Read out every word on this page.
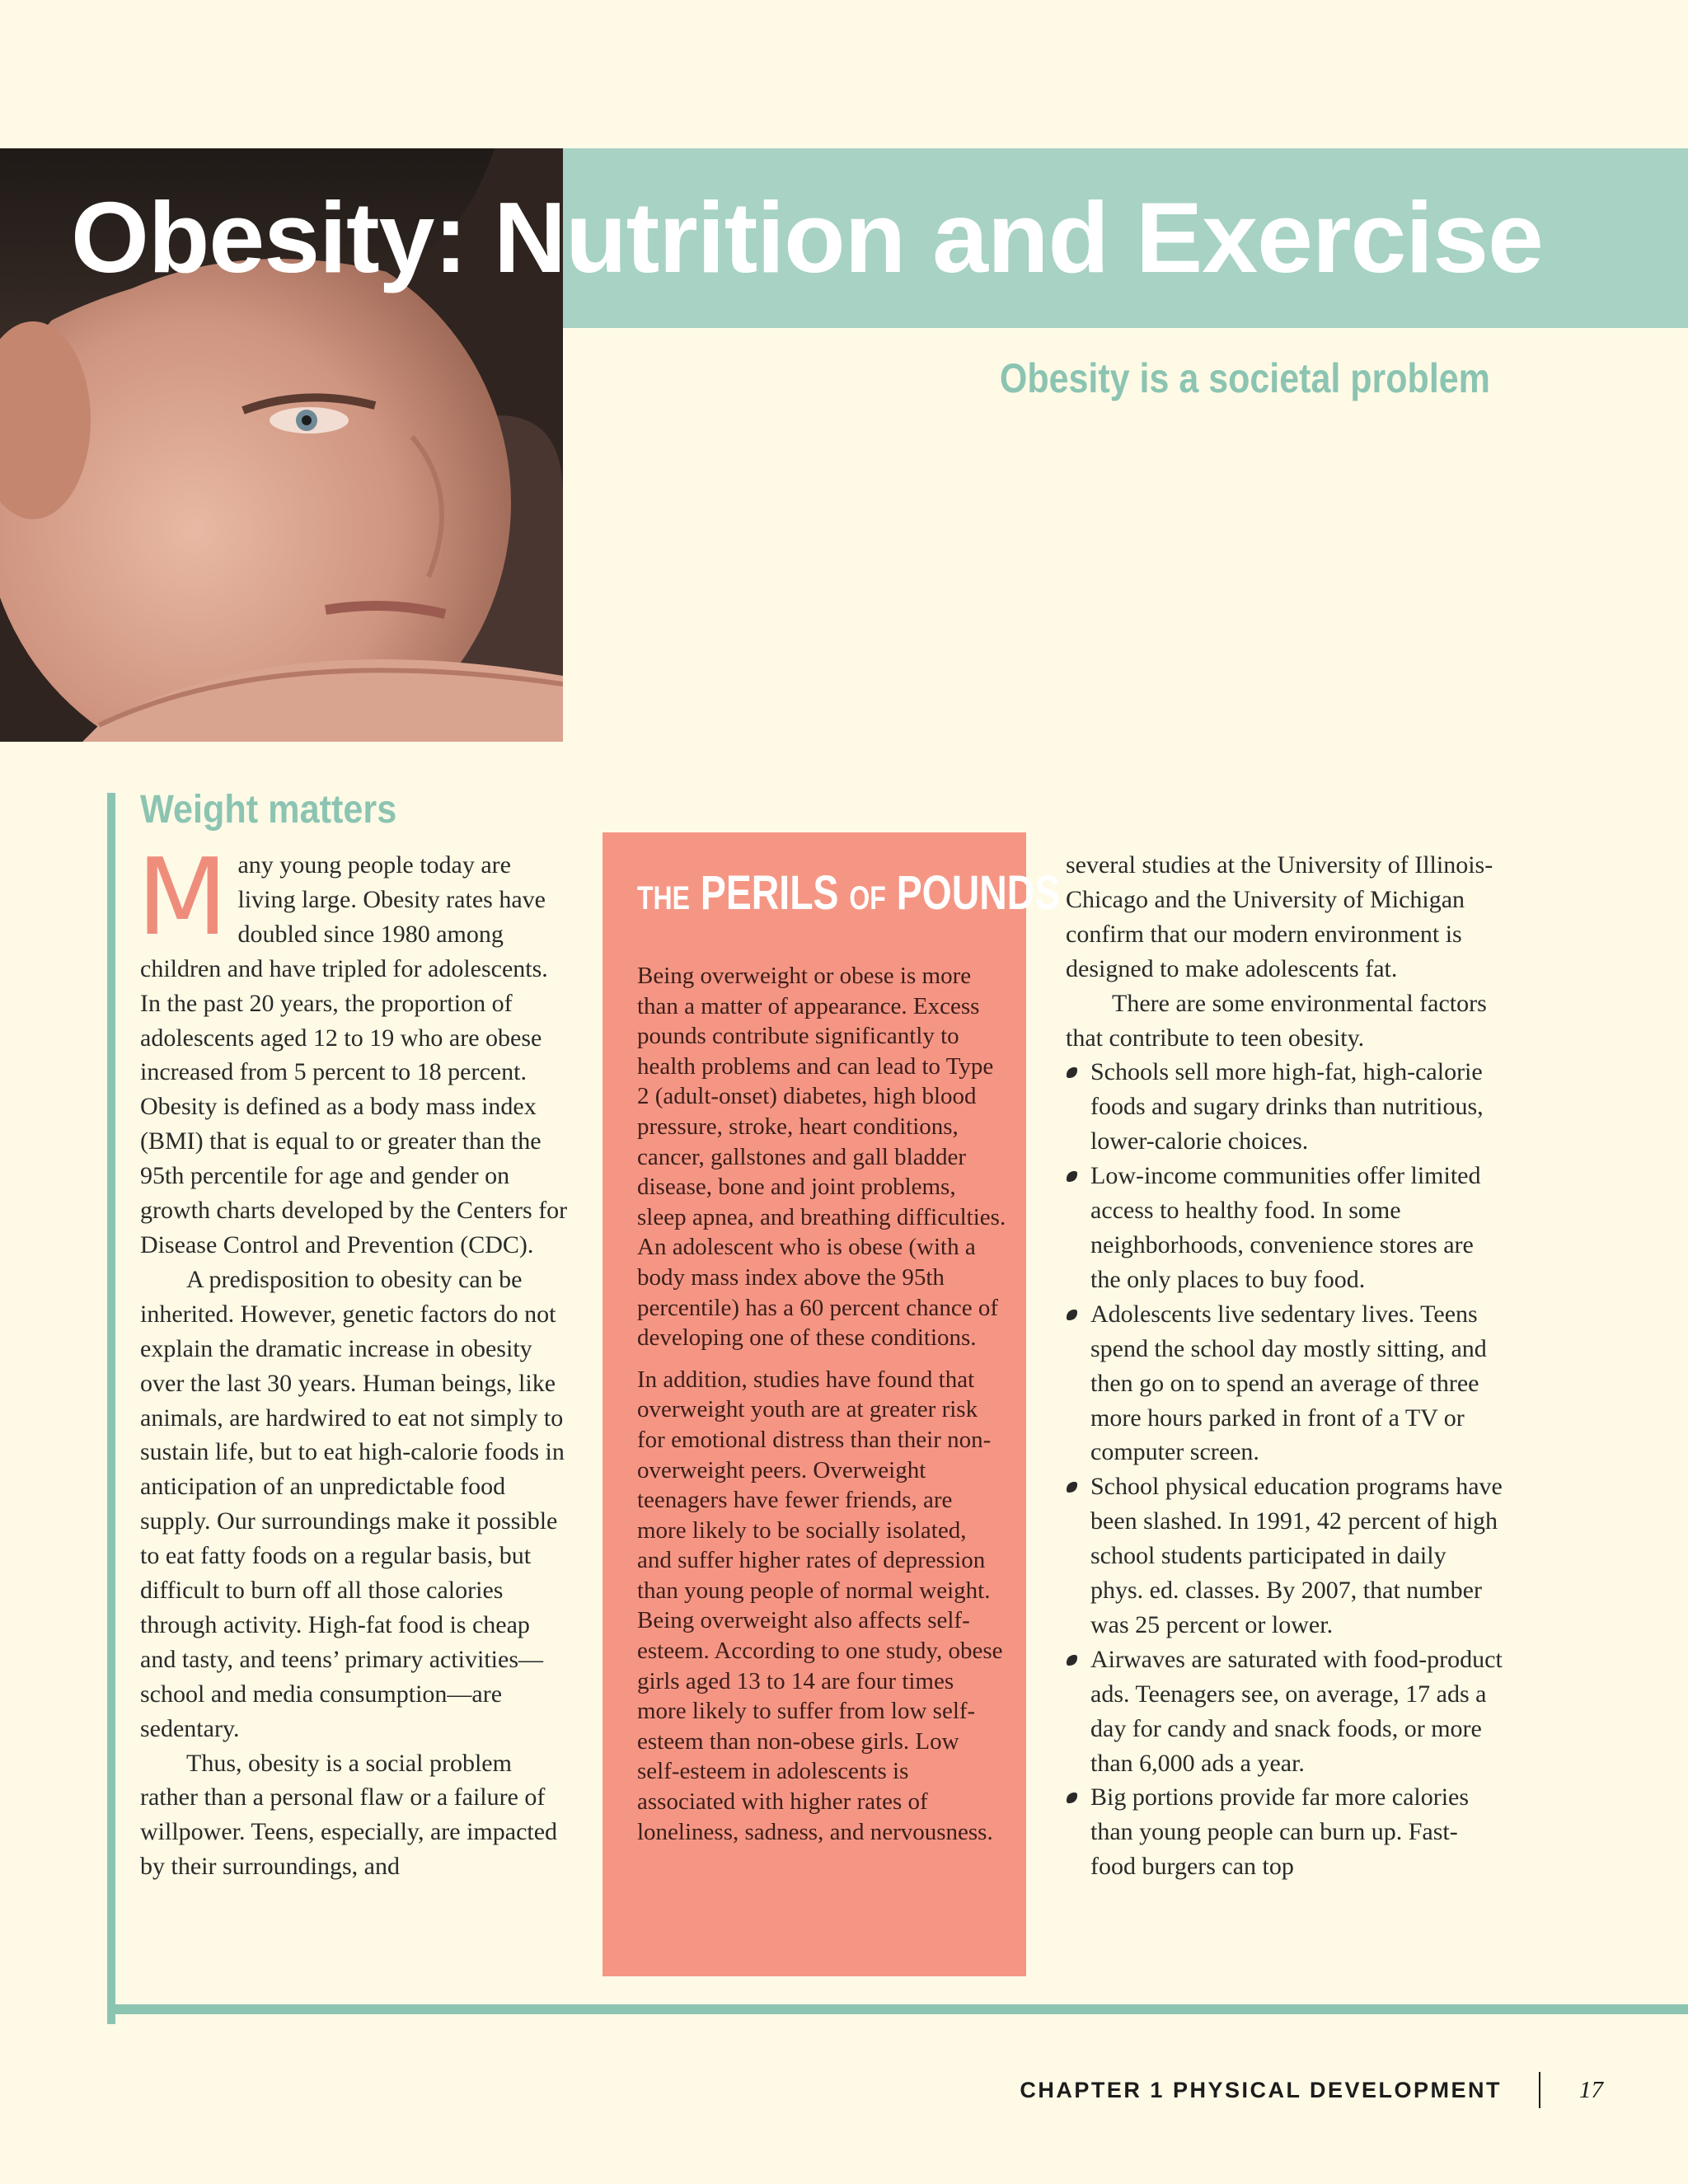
Obesity: Nutrition and Exercise
Obesity is a societal problem
Weight matters

Many young people today are living large. Obesity rates have doubled since 1980 among children and have tripled for adolescents. In the past 20 years, the proportion of adolescents aged 12 to 19 who are obese increased from 5 percent to 18 percent. Obesity is defined as a body mass index (BMI) that is equal to or greater than the 95th percentile for age and gender on growth charts developed by the Centers for Disease Control and Prevention (CDC).

A predisposition to obesity can be inherited. However, genetic factors do not explain the dramatic increase in obesity over the last 30 years. Human beings, like animals, are hardwired to eat not simply to sustain life, but to eat high-calorie foods in anticipation of an unpredictable food supply. Our surroundings make it possible to eat fatty foods on a regular basis, but difficult to burn off all those calories through activity. High-fat food is cheap and tasty, and teens’ primary activities—school and media consumption—are sedentary.

Thus, obesity is a social problem rather than a personal flaw or a failure of willpower. Teens, especially, are impacted by their surroundings, and

THE PERILS OF POUNDS

Being overweight or obese is more than a matter of appearance. Excess pounds contribute significantly to health problems and can lead to Type 2 (adult-onset) diabetes, high blood pressure, stroke, heart conditions, cancer, gallstones and gall bladder disease, bone and joint problems, sleep apnea, and breathing difficulties. An adolescent who is obese (with a body mass index above the 95th percentile) has a 60 percent chance of developing one of these conditions.

In addition, studies have found that overweight youth are at greater risk for emotional distress than their non-overweight peers. Overweight teenagers have fewer friends, are more likely to be socially isolated, and suffer higher rates of depression than young people of normal weight. Being overweight also affects self-esteem. According to one study, obese girls aged 13 to 14 are four times more likely to suffer from low self-esteem than non-obese girls. Low self-esteem in adolescents is associated with higher rates of loneliness, sadness, and nervousness.

several studies at the University of Illinois-Chicago and the University of Michigan confirm that our modern environment is designed to make adolescents fat.

There are some environmental factors that contribute to teen obesity.

Schools sell more high-fat, high-calorie foods and sugary drinks than nutritious, lower-calorie choices.
Low-income communities offer limited access to healthy food. In some neighborhoods, convenience stores are the only places to buy food.
Adolescents live sedentary lives. Teens spend the school day mostly sitting, and then go on to spend an average of three more hours parked in front of a TV or computer screen.
School physical education programs have been slashed. In 1991, 42 percent of high school students participated in daily phys. ed. classes. By 2007, that number was 25 percent or lower.
Airwaves are saturated with food-product ads. Teenagers see, on average, 17 ads a day for candy and snack foods, or more than 6,000 ads a year.
Big portions provide far more calories than young people can burn up. Fast-food burgers can top
CHAPTER 1 PHYSICAL DEVELOPMENT	17
